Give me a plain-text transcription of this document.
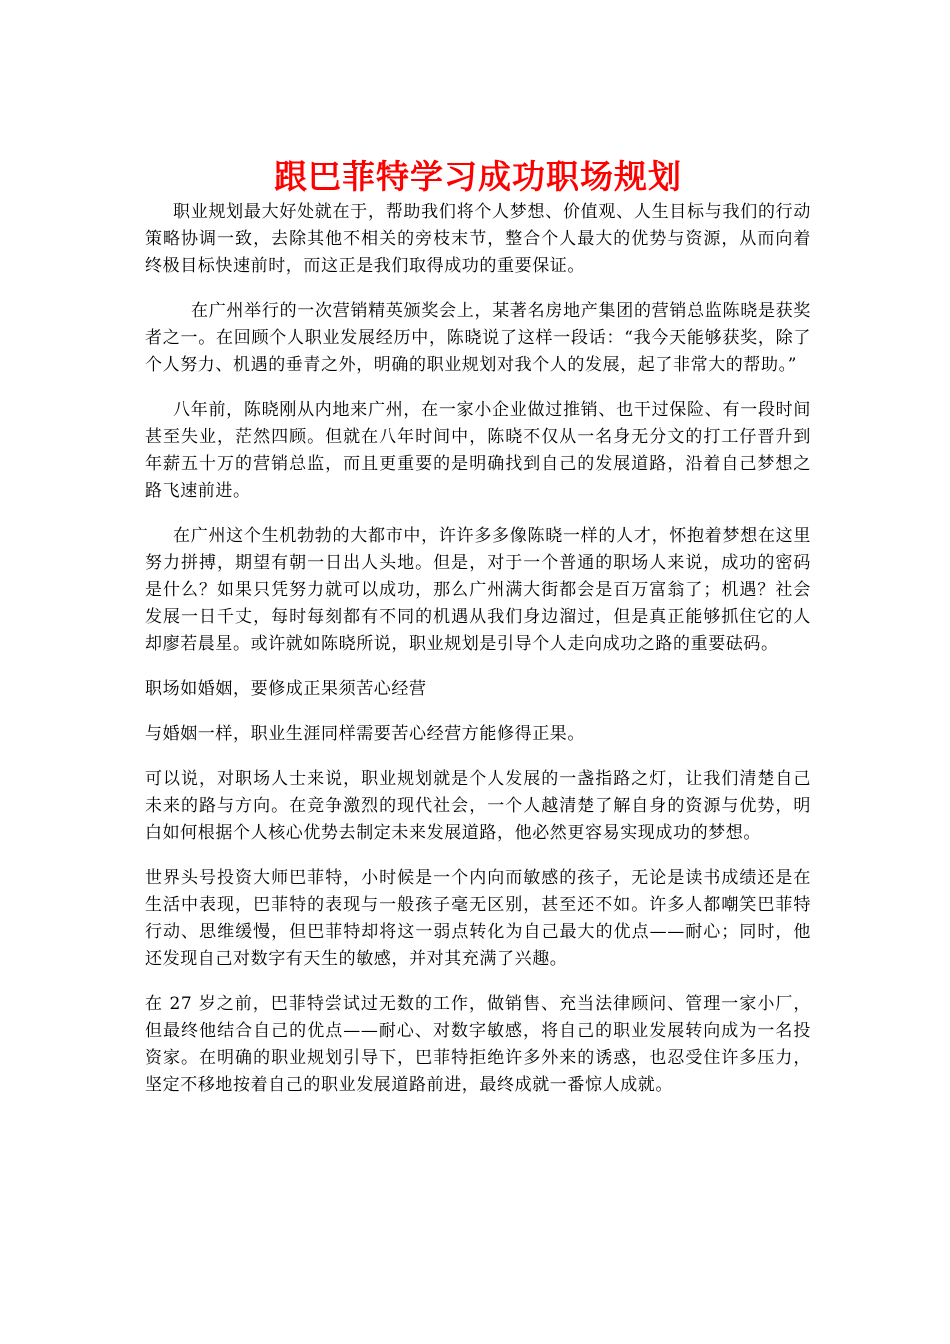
跟巴菲特学习成功职场规划

职业规划最大好处就在于，帮助我们将个人梦想、价值观、人生目标与我们的行动策略协调一致，去除其他不相关的旁枝末节，整合个人最大的优势与资源，从而向着终极目标快速前时，而这正是我们取得成功的重要保证。

在广州举行的一次营销精英颁奖会上，某著名房地产集团的营销总监陈晓是获奖者之一。在回顾个人职业发展经历中，陈晓说了这样一段话：“我今天能够获奖，除了个人努力、机遇的垂青之外，明确的职业规划对我个人的发展，起了非常大的帮助。”

八年前，陈晓刚从内地来广州，在一家小企业做过推销、也干过保险、有一段时间甚至失业，茫然四顾。但就在八年时间中，陈晓不仅从一名身无分文的打工仔晋升到年薪五十万的营销总监，而且更重要的是明确找到自己的发展道路，沿着自己梦想之路飞速前进。

在广州这个生机勃勃的大都市中，许许多多像陈晓一样的人才，怀抱着梦想在这里努力拼搏，期望有朝一日出人头地。但是，对于一个普通的职场人来说，成功的密码是什么？如果只凭努力就可以成功，那么广州满大街都会是百万富翁了；机遇？社会发展一日千丈，每时每刻都有不同的机遇从我们身边溜过，但是真正能够抓住它的人却廖若晨星。或许就如陈晓所说，职业规划是引导个人走向成功之路的重要砝码。

职场如婚姻，要修成正果须苦心经营

与婚姻一样，职业生涯同样需要苦心经营方能修得正果。

可以说，对职场人士来说，职业规划就是个人发展的一盏指路之灯，让我们清楚自己未来的路与方向。在竞争激烈的现代社会，一个人越清楚了解自身的资源与优势，明白如何根据个人核心优势去制定未来发展道路，他必然更容易实现成功的梦想。

世界头号投资大师巴菲特，小时候是一个内向而敏感的孩子，无论是读书成绩还是在生活中表现，巴菲特的表现与一般孩子毫无区别，甚至还不如。许多人都嘲笑巴菲特行动、思维缓慢，但巴菲特却将这一弱点转化为自己最大的优点——耐心；同时，他还发现自己对数字有天生的敏感，并对其充满了兴趣。

在 27 岁之前，巴菲特尝试过无数的工作，做销售、充当法律顾问、管理一家小厂，但最终他结合自己的优点——耐心、对数字敏感，将自己的职业发展转向成为一名投资家。在明确的职业规划引导下，巴菲特拒绝许多外来的诱惑，也忍受住许多压力，坚定不移地按着自己的职业发展道路前进，最终成就一番惊人成就。
